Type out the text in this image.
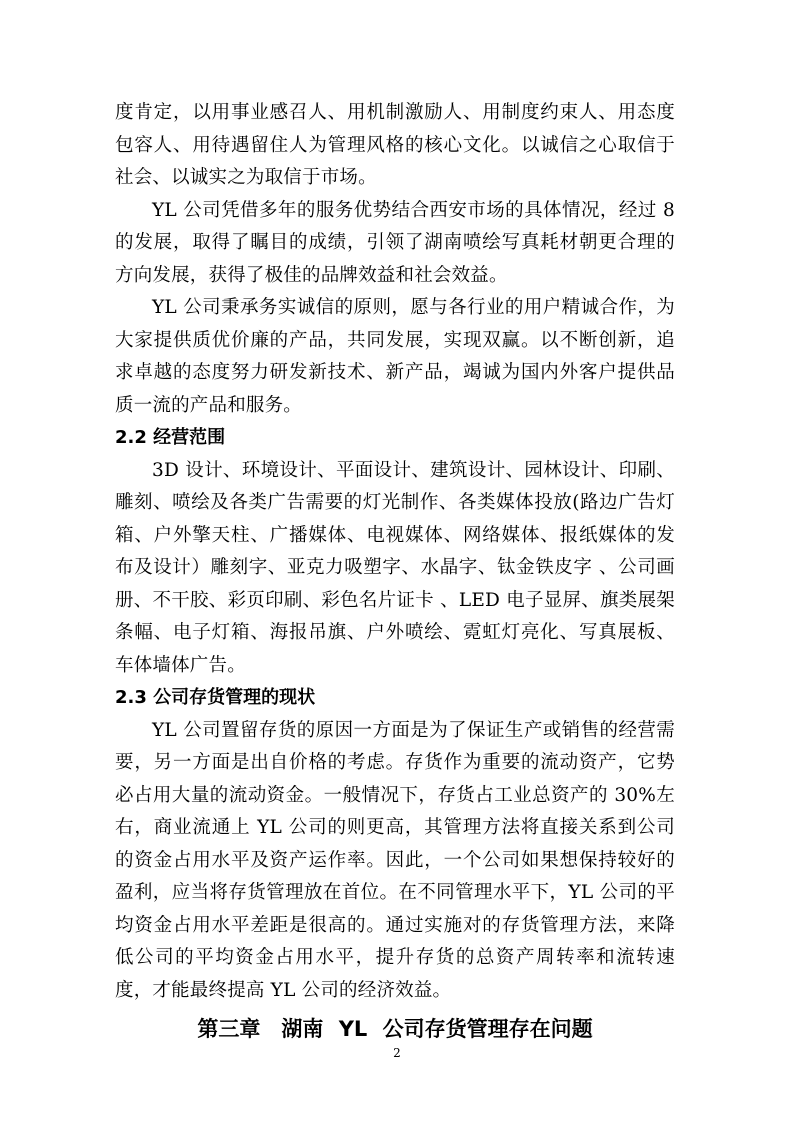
度肯定，以用事业感召人、用机制激励人、用制度约束人、用态度包容人、用待遇留住人为管理风格的核心文化。以诚信之心取信于社会、以诚实之为取信于市场。

YL 公司凭借多年的服务优势结合西安市场的具体情况，经过 8 的发展，取得了瞩目的成绩，引领了湖南喷绘写真耗材朝更合理的方向发展，获得了极佳的品牌效益和社会效益。

YL 公司秉承务实诚信的原则，愿与各行业的用户精诚合作，为大家提供质优价廉的产品，共同发展，实现双赢。以不断创新，追求卓越的态度努力研发新技术、新产品，竭诚为国内外客户提供品质一流的产品和服务。

2.2 经营范围

3D 设计、环境设计、平面设计、建筑设计、园林设计、印刷、雕刻、喷绘及各类广告需要的灯光制作、各类媒体投放(路边广告灯箱、户外擎天柱、广播媒体、电视媒体、网络媒体、报纸媒体的发布及设计）雕刻字、亚克力吸塑字、水晶字、钛金铁皮字 、公司画册、不干胶、彩页印刷、彩色名片证卡 、LED 电子显屏、旗类展架条幅、电子灯箱、海报吊旗、户外喷绘、霓虹灯亮化、写真展板、车体墙体广告。

2.3 公司存货管理的现状

YL 公司置留存货的原因一方面是为了保证生产或销售的经营需要，另一方面是出自价格的考虑。存货作为重要的流动资产，它势必占用大量的流动资金。一般情况下，存货占工业总资产的 30%左右，商业流通上 YL 公司的则更高，其管理方法将直接关系到公司的资金占用水平及资产运作率。因此，一个公司如果想保持较好的盈利，应当将存货管理放在首位。在不同管理水平下，YL 公司的平均资金占用水平差距是很高的。通过实施对的存货管理方法，来降低公司的平均资金占用水平，提升存货的总资产周转率和流转速度，才能最终提高 YL 公司的经济效益。

第三章　湖南 YL 公司存货管理存在问题
2
